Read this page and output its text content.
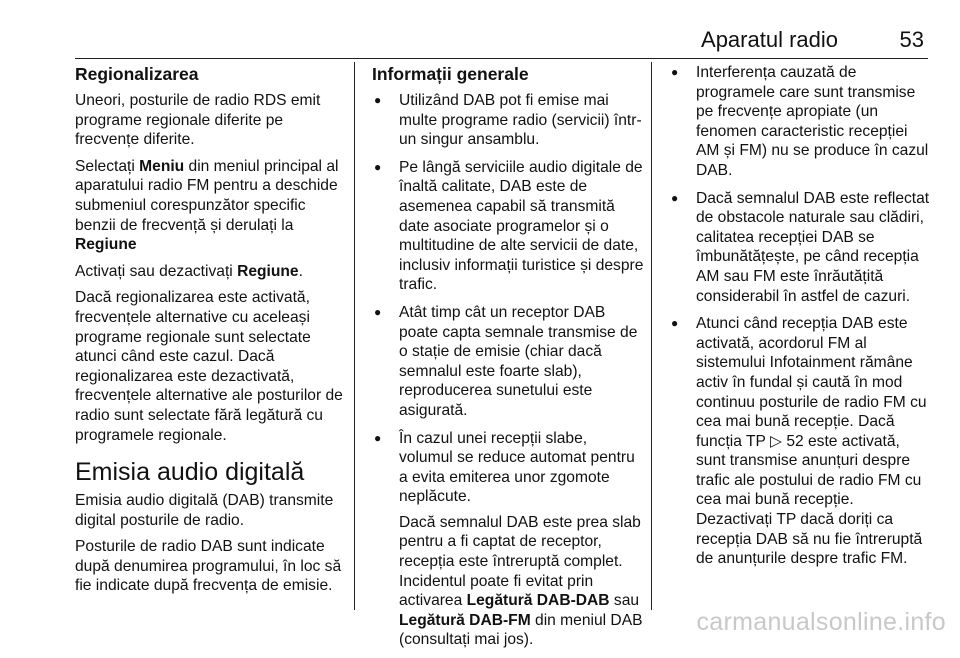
Aparatul radio	53
Regionalizarea

Uneori, posturile de radio RDS emit programe regionale diferite pe frecvențe diferite.

Selectați Meniu din meniul principal al aparatului radio FM pentru a deschide submeniul corespunzător specific benzii de frecvență și derulați la Regiune

Activați sau dezactivați Regiune.

Dacă regionalizarea este activată, frecvențele alternative cu aceleași programe regionale sunt selectate atunci când este cazul. Dacă regionalizarea este dezactivată, frecvențele alternative ale posturilor de radio sunt selectate fără legătură cu programele regionale.

Emisia audio digitală

Emisia audio digitală (DAB) transmite digital posturile de radio.

Posturile de radio DAB sunt indicate după denumirea programului, în loc să fie indicate după frecvența de emisie.

Informații generale
● Utilizând DAB pot fi emise mai multe programe radio (servicii) într-un singur ansamblu.
● Pe lângă serviciile audio digitale de înaltă calitate, DAB este de asemenea capabil să transmită date asociate programelor și o multitudine de alte servicii de date, inclusiv informații turistice și despre trafic.
● Atât timp cât un receptor DAB poate capta semnale transmise de o stație de emisie (chiar dacă semnalul este foarte slab), reproducerea sunetului este asigurată.

● În cazul unei recepții slabe, volumul se reduce automat pentru a evita emiterea unor zgomote neplăcute.

Dacă semnalul DAB este prea slab pentru a fi captat de receptor, recepția este întreruptă complet. Incidentul poate fi evitat prin activarea Legătură DAB-DAB sau Legătură DAB-FM din meniul DAB (consultați mai jos).

● Interferența cauzată de programele care sunt transmise pe frecvențe apropiate (un fenomen caracteristic recepției AM și FM) nu se produce în cazul DAB.
● Dacă semnalul DAB este reflectat de obstacole naturale sau clădiri, calitatea recepției DAB se îmbunătățește, pe când recepția AM sau FM este înrăutățită considerabil în astfel de cazuri.
● Atunci când recepția DAB este activată, acordorul FM al sistemului Infotainment rămâne activ în fundal și caută în mod continuu posturile de radio FM cu cea mai bună recepție. Dacă funcția TP ▷ 52 este activată, sunt transmise anunțuri despre trafic ale postului de radio FM cu cea mai bună recepție. Dezactivați TP dacă doriți ca recepția DAB să nu fie întreruptă de anunțurile despre trafic FM.
carmanualsonline.info
